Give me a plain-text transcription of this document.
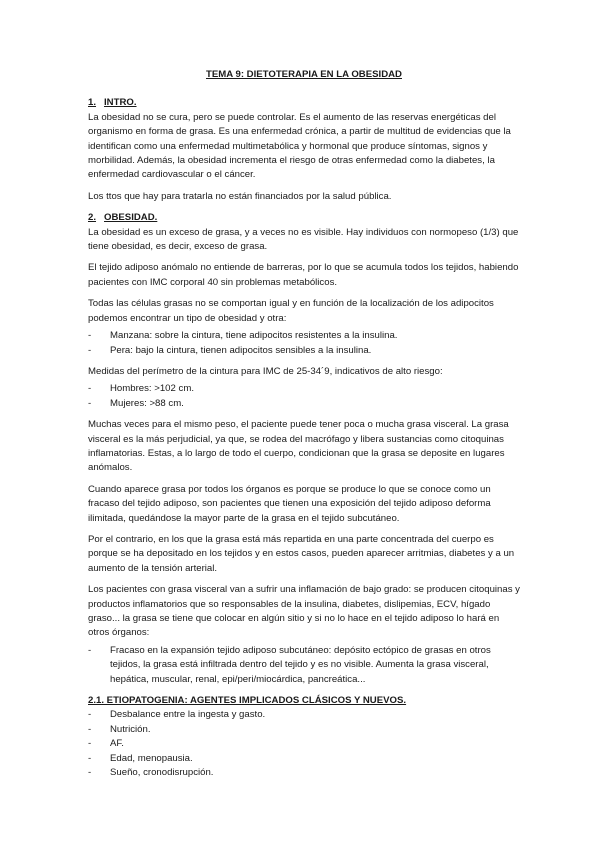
TEMA 9: DIETOTERAPIA EN LA OBESIDAD
1. INTRO.

La obesidad no se cura, pero se puede controlar. Es el aumento de las reservas energéticas del organismo en forma de grasa. Es una enfermedad crónica, a partir de multitud de evidencias que la identifican como una enfermedad multimetabólica y hormonal que produce síntomas, signos y morbilidad. Además, la obesidad incrementa el riesgo de otras enfermedad como la diabetes, la enfermedad cardiovascular o el cáncer.

Los ttos que hay para tratarla no están financiados por la salud pública.

2. OBESIDAD.

La obesidad es un exceso de grasa, y a veces no es visible. Hay individuos con normopeso (1/3) que tiene obesidad, es decir, exceso de grasa.

El tejido adiposo anómalo no entiende de barreras, por lo que se acumula todos los tejidos, habiendo pacientes con IMC corporal 40 sin problemas metabólicos.

Todas las células grasas no se comportan igual y en función de la localización de los adipocitos podemos encontrar un tipo de obesidad y otra:

-	Manzana: sobre la cintura, tiene adipocitos resistentes a la insulina.
-	Pera: bajo la cintura, tienen adipocitos sensibles a la insulina.

Medidas del perímetro de la cintura para IMC de 25-34´9, indicativos de alto riesgo:

-	Hombres: >102 cm.
-	Mujeres: >88 cm.

Muchas veces para el mismo peso, el paciente puede tener poca o mucha grasa visceral. La grasa visceral es la más perjudicial, ya que, se rodea del macrófago y libera sustancias como citoquinas inflamatorias. Estas, a lo largo de todo el cuerpo, condicionan que la grasa se deposite en lugares anómalos.

Cuando aparece grasa por todos los órganos es porque se produce lo que se conoce como un fracaso del tejido adiposo, son pacientes que tienen una exposición del tejido adiposo deforma ilimitada, quedándose la mayor parte de la grasa en el tejido subcutáneo.

Por el contrario, en los que la grasa está más repartida en una parte concentrada del cuerpo es porque se ha depositado en los tejidos y en estos casos, pueden aparecer arritmias, diabetes y a un aumento de la tensión arterial.

Los pacientes con grasa visceral van a sufrir una inflamación de bajo grado: se producen citoquinas y productos inflamatorios que so responsables de la insulina, diabetes, dislipemias, ECV, hígado graso... la grasa se tiene que colocar en algún sitio y si no lo hace en el tejido adiposo lo hará en otros órganos:

-	Fracaso en la expansión tejido adiposo subcutáneo: depósito ectópico de grasas en otros tejidos, la grasa está infiltrada dentro del tejido y es no visible. Aumenta la grasa visceral, hepática, muscular, renal, epi/peri/miocárdica, pancreática...
2.1. ETIOPATOGENIA: AGENTES IMPLICADOS CLÁSICOS Y NUEVOS.
-	Desbalance entre la ingesta y gasto.
-	Nutrición.
-	AF.
-	Edad, menopausia.
-	Sueño, cronodisrupción.
